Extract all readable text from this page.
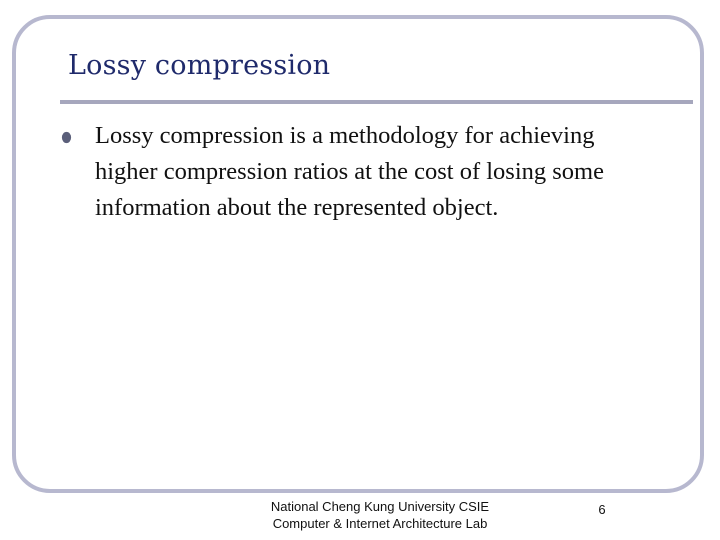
Lossy compression
Lossy compression is a methodology for achieving higher compression ratios at the cost of losing some information about the represented object.
National Cheng Kung University CSIE
Computer & Internet Architecture Lab
6
